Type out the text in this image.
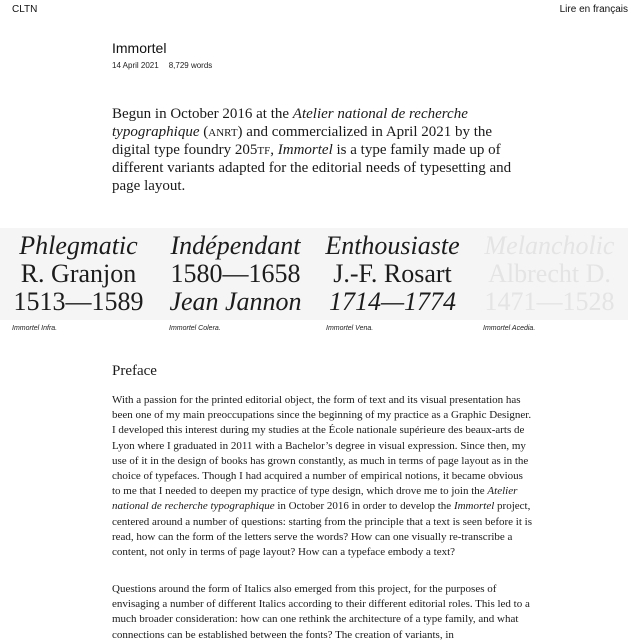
CLTN	Lire en français
Immortel
14 April 2021 8,729 words

Begun in October 2016 at the Atelier national de recherche typographique (anrt) and commercialized in April 2021 by the digital type foundry 205tf, Immortel is a type family made up of different variants adapted for the editorial needs of typesetting and page layout.

Phlegmatic
R. Granjon
1513—1589
Immortel Infra.
Indépendant
1580—1658
Jean Jannon
Immortel Colera.
Enthousiaste
J.-F. Rosart
1714—1774
Immortel Vena.
Melancholic
Albrecht D.
1471—1528
Immortel Acedia.
Preface

With a passion for the printed editorial object, the form of text and its visual presentation has been one of my main preoccupations since the beginning of my practice as a Graphic Designer. I developed this interest during my studies at the École nationale supérieure des beaux-arts de Lyon where I graduated in 2011 with a Bachelor’s degree in visual expression. Since then, my use of it in the design of books has grown constantly, as much in terms of page layout as in the choice of typefaces. Though I had acquired a number of empirical notions, it became obvious to me that I needed to deepen my practice of type design, which drove me to join the Atelier national de recherche typographique in October 2016 in order to develop the Immortel project, centered around a number of questions: starting from the principle that a text is seen before it is read, how can the form of the letters serve the words? How can one visually re-transcribe a content, not only in terms of page layout? How can a typeface embody a text?

Questions around the form of Italics also emerged from this project, for the purposes of envisaging a number of different Italics according to their different editorial roles. This led to a much broader consideration: how can one rethink the architecture of a type family, and what connections can be established between the fonts? The creation of variants, in
